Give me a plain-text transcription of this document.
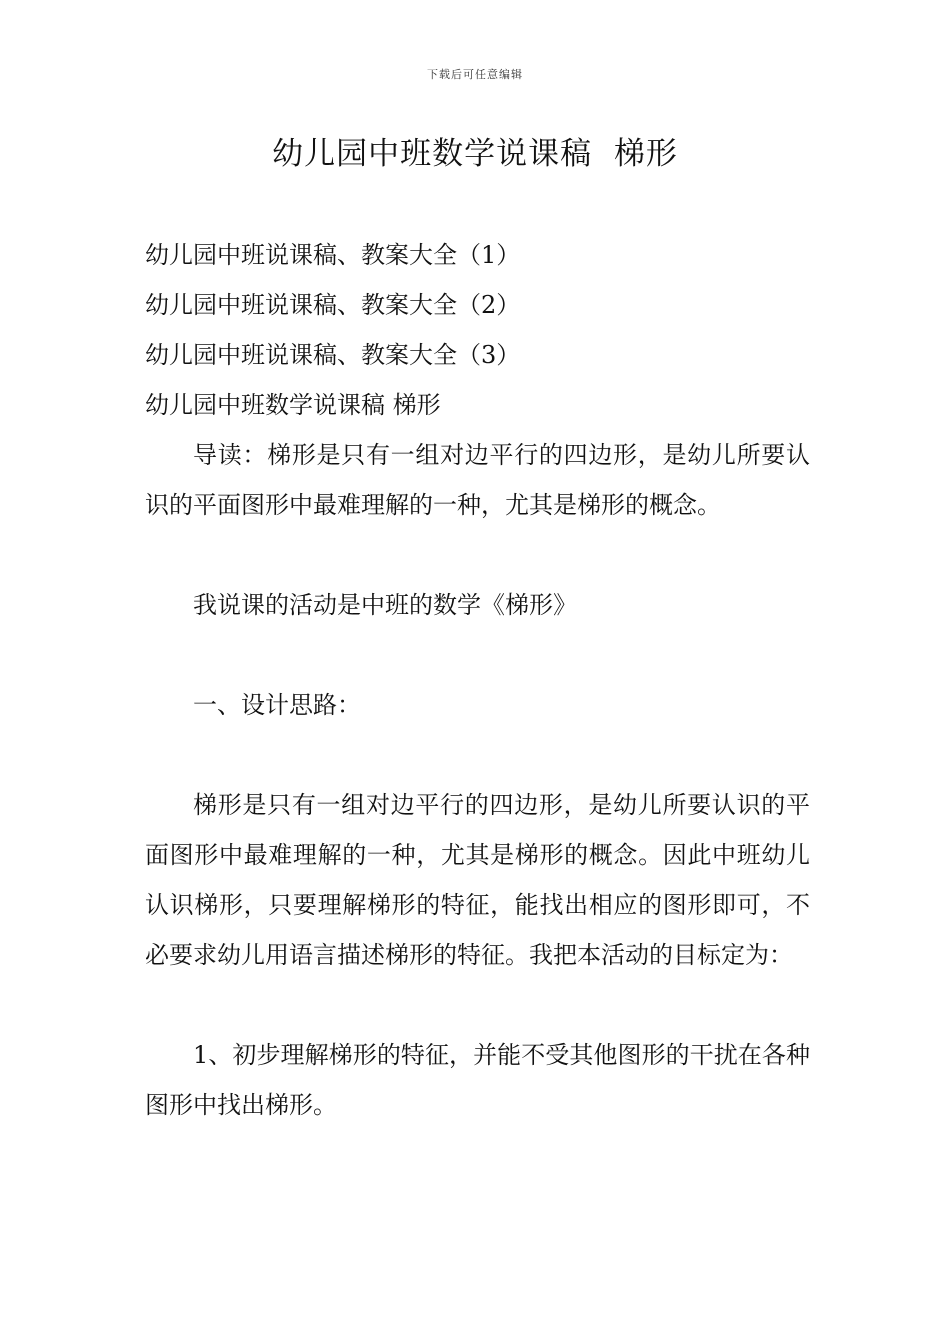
下载后可任意编辑
幼儿园中班数学说课稿  梯形
幼儿园中班说课稿、教案大全（1）
幼儿园中班说课稿、教案大全（2）
幼儿园中班说课稿、教案大全（3）
幼儿园中班数学说课稿 梯形

导读：梯形是只有一组对边平行的四边形，是幼儿所要认识的平面图形中最难理解的一种，尤其是梯形的概念。

我说课的活动是中班的数学《梯形》

一、设计思路：

梯形是只有一组对边平行的四边形，是幼儿所要认识的平面图形中最难理解的一种，尤其是梯形的概念。因此中班幼儿认识梯形，只要理解梯形的特征，能找出相应的图形即可，不必要求幼儿用语言描述梯形的特征。我把本活动的目标定为：

1、初步理解梯形的特征，并能不受其他图形的干扰在各种图形中找出梯形。
